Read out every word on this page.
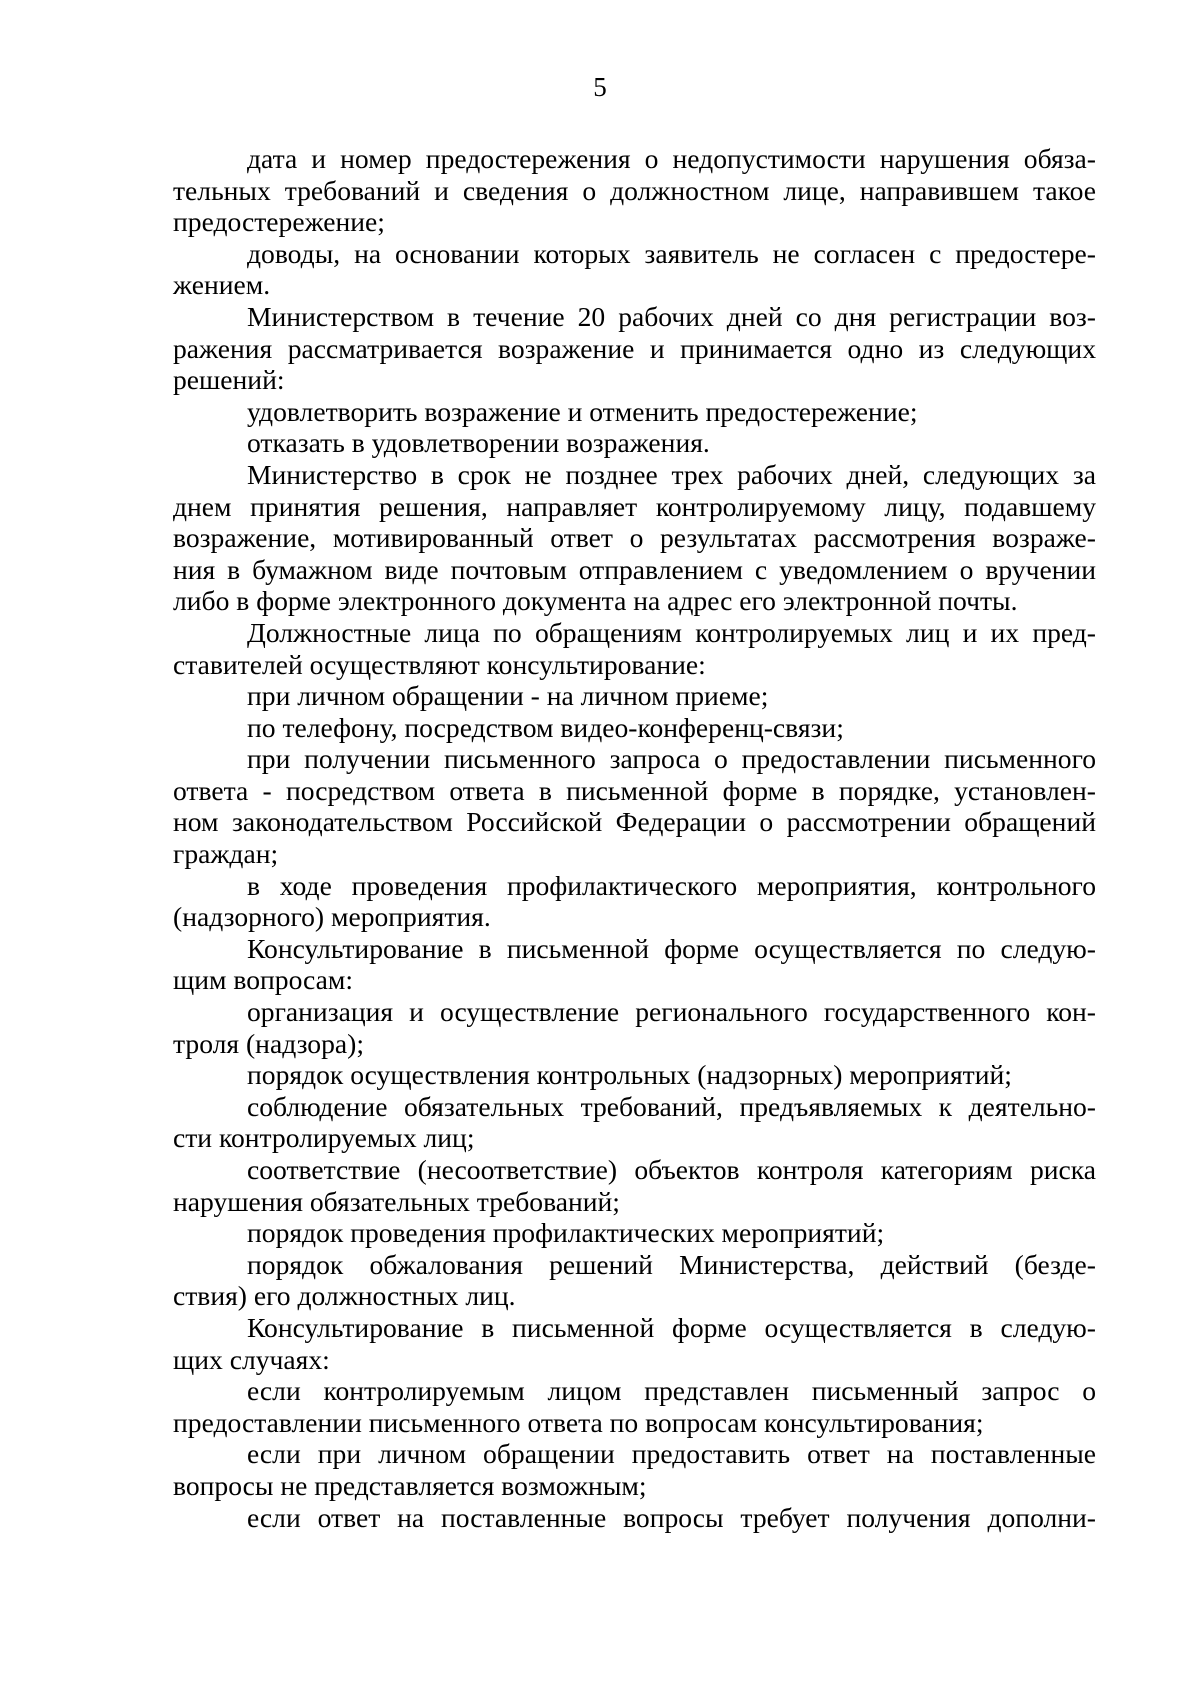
5
дата и номер предостережения о недопустимости нарушения обяза-
тельных требований и сведения о должностном лице, направившем такое
предостережение;
доводы, на основании которых заявитель не согласен с предостере-
жением.
Министерством в течение 20 рабочих дней со дня регистрации воз-
ражения рассматривается возражение и принимается одно из следующих
решений:
удовлетворить возражение и отменить предостережение;
отказать в удовлетворении возражения.
Министерство в срок не позднее трех рабочих дней, следующих за
днем принятия решения, направляет контролируемому лицу, подавшему
возражение, мотивированный ответ о результатах рассмотрения возраже-
ния в бумажном виде почтовым отправлением с уведомлением о вручении
либо в форме электронного документа на адрес его электронной почты.
Должностные лица по обращениям контролируемых лиц и их пред-
ставителей осуществляют консультирование:
при личном обращении - на личном приеме;
по телефону, посредством видео-конференц-связи;
при получении письменного запроса о предоставлении письменного
ответа - посредством ответа в письменной форме в порядке, установлен-
ном законодательством Российской Федерации о рассмотрении обращений
граждан;
в ходе проведения профилактического мероприятия, контрольного
(надзорного) мероприятия.
Консультирование в письменной форме осуществляется по следую-
щим вопросам:
организация и осуществление регионального государственного кон-
троля (надзора);
порядок осуществления контрольных (надзорных) мероприятий;
соблюдение обязательных требований, предъявляемых к деятельно-
сти контролируемых лиц;
соответствие (несоответствие) объектов контроля категориям риска
нарушения обязательных требований;
порядок проведения профилактических мероприятий;
порядок обжалования решений Министерства, действий (безде-
ствия) его должностных лиц.
Консультирование в письменной форме осуществляется в следую-
щих случаях:
если контролируемым лицом представлен письменный запрос о
предоставлении письменного ответа по вопросам консультирования;
если при личном обращении предоставить ответ на поставленные
вопросы не представляется возможным;
если ответ на поставленные вопросы требует получения дополни-
